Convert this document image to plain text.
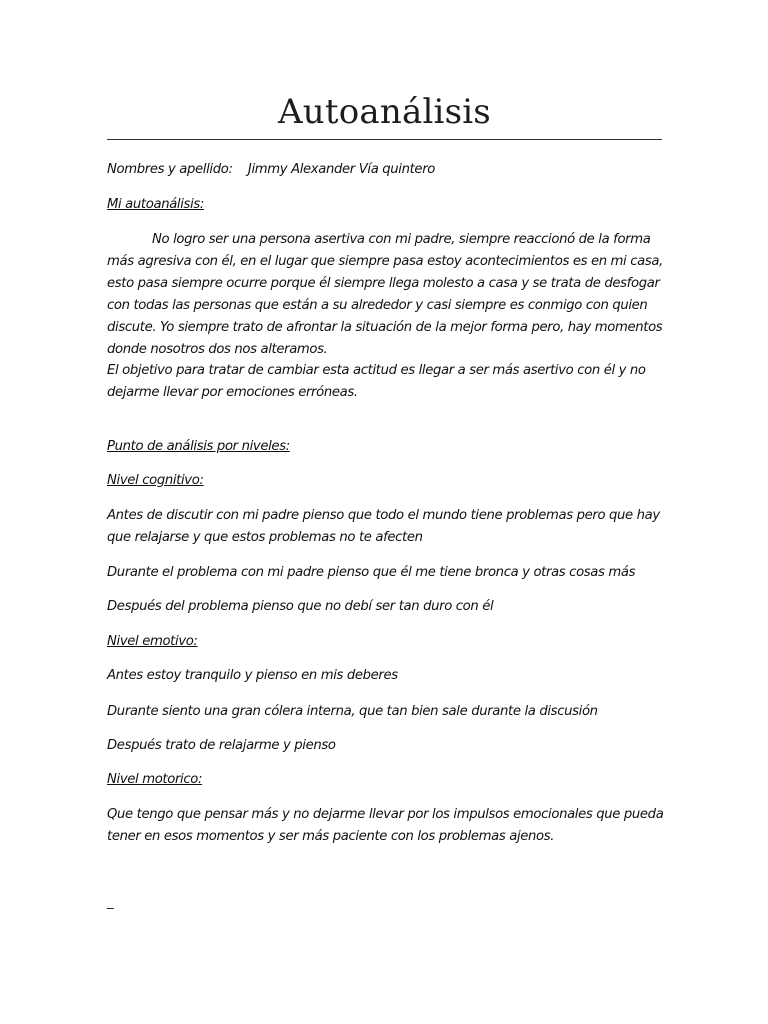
Autoanálisis

Nombres y apellido: Jimmy Alexander Vía quintero

Mi autoanálisis:

No logro ser una persona asertiva con mi padre, siempre reaccionó de la forma

más agresiva con él, en el lugar que siempre pasa estoy acontecimientos es en mi casa,

esto pasa siempre ocurre porque él siempre llega molesto a casa y se trata de desfogar

con todas las personas que están a su alrededor y casi siempre es conmigo con quien

discute. Yo siempre trato de afrontar la situación de la mejor forma pero, hay momentos

donde nosotros dos nos alteramos.

El objetivo para tratar de cambiar esta actitud es llegar a ser más asertivo con él y no

dejarme llevar por emociones erróneas.

Punto de análisis por niveles:

Nivel cognitivo:

Antes de discutir con mi padre pienso que todo el mundo tiene problemas pero que hay

que relajarse y que estos problemas no te afecten

Durante el problema con mi padre pienso que él me tiene bronca y otras cosas más

Después del problema pienso que no debí ser tan duro con él

Nivel emotivo:

Antes estoy tranquilo y pienso en mis deberes

Durante siento una gran cólera interna, que tan bien sale durante la discusión

Después trato de relajarme y pienso

Nivel motorico:

Que tengo que pensar más y no dejarme llevar por los impulsos emocionales que pueda

tener en esos momentos y ser más paciente con los problemas ajenos.

_
